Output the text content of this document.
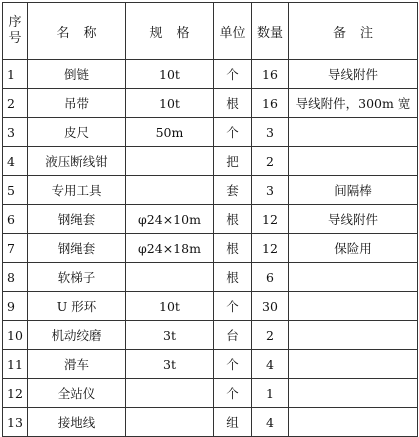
序
号	名称	规格	单位	数量	备注
1	倒链	10t	个	16	导线附件
2	吊带	10t	根	16	导线附件，300m 宽
3	皮尺	50m	个	3	
4	液压断线钳		把	2	
5	专用工具		套	3	间隔棒
6	钢绳套	φ24×10m	根	12	导线附件
7	钢绳套	φ24×18m	根	12	保险用
8	软梯子		根	6	
9	U 形环	10t	个	30	
10	机动绞磨	3t	台	2	
11	滑车	3t	个	4	
12	全站仪		个	1	
13	接地线		组	4	
